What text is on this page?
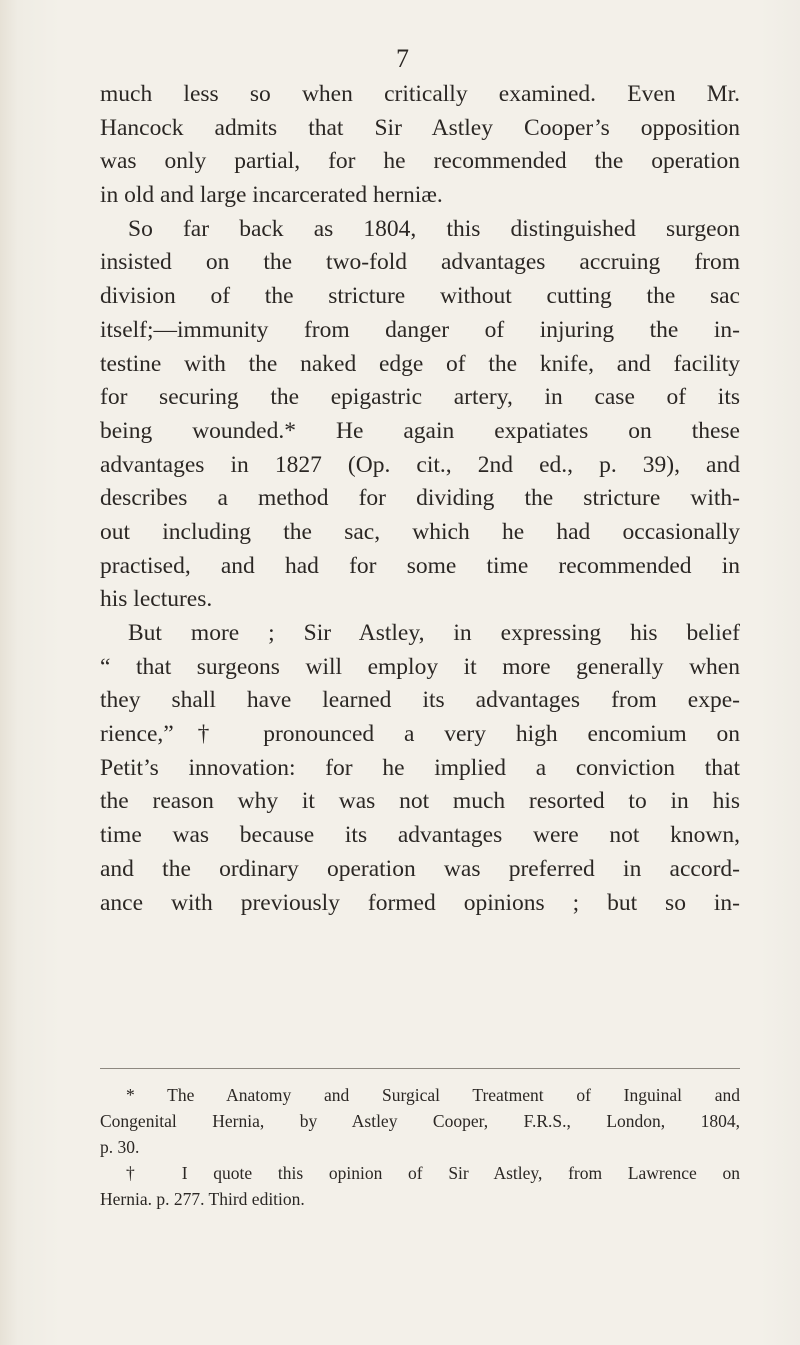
7
much less so when critically examined. Even Mr.
Hancock admits that Sir Astley Cooper’s opposition
was only partial, for he recommended the operation
in old and large incarcerated herniæ.
So far back as 1804, this distinguished surgeon
insisted on the two-fold advantages accruing from
division of the stricture without cutting the sac
itself;—immunity from danger of injuring the in-
testine with the naked edge of the knife, and facility
for securing the epigastric artery, in case of its
being wounded.* He again expatiates on these
advantages in 1827 (Op. cit., 2nd ed., p. 39), and
describes a method for dividing the stricture with-
out including the sac, which he had occasionally
practised, and had for some time recommended in
his lectures.
But more ; Sir Astley, in expressing his belief
“ that surgeons will employ it more generally when
they shall have learned its advantages from expe-
rience,”† pronounced a very high encomium on
Petit’s innovation: for he implied a conviction that
the reason why it was not much resorted to in his
time was because its advantages were not known,
and the ordinary operation was preferred in accord-
ance with previously formed opinions ; but so in-
* The Anatomy and Surgical Treatment of Inguinal and
Congenital Hernia, by Astley Cooper, F.R.S., London, 1804,
p. 30.
† I quote this opinion of Sir Astley, from Lawrence on
Hernia. p. 277. Third edition.
